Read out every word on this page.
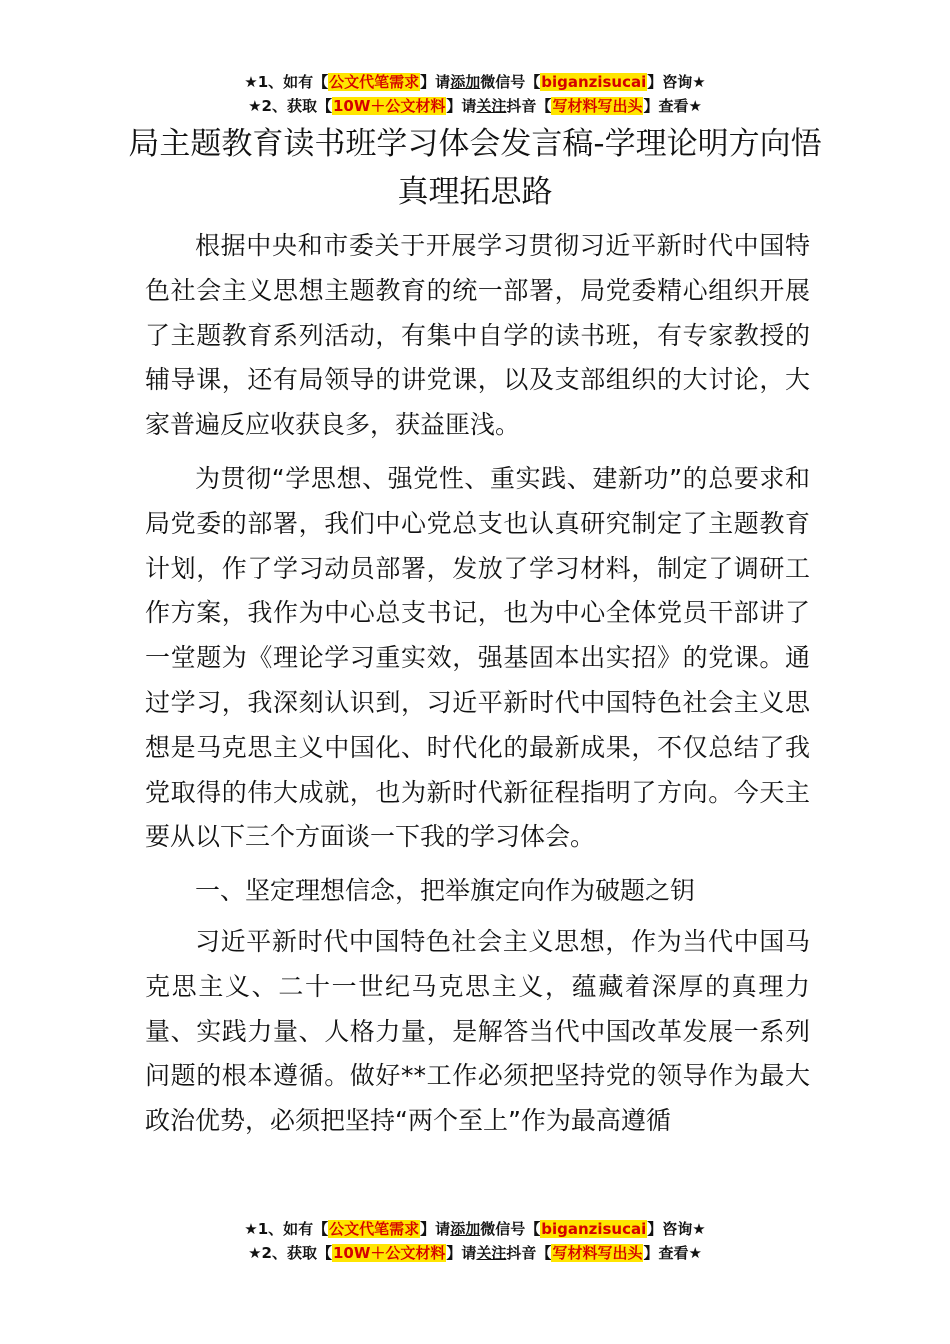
★1、如有【公文代笔需求】请添加微信号【biganzisucai】咨询★
★2、获取【10W＋公文材料】请关注抖音【写材料写出头】查看★
局主题教育读书班学习体会发言稿-学理论明方向悟真理拓思路

根据中央和市委关于开展学习贯彻习近平新时代中国特色社会主义思想主题教育的统一部署，局党委精心组织开展了主题教育系列活动，有集中自学的读书班，有专家教授的辅导课，还有局领导的讲党课，以及支部组织的大讨论，大家普遍反应收获良多，获益匪浅。

为贯彻“学思想、强党性、重实践、建新功”的总要求和局党委的部署，我们中心党总支也认真研究制定了主题教育计划，作了学习动员部署，发放了学习材料，制定了调研工作方案，我作为中心总支书记，也为中心全体党员干部讲了一堂题为《理论学习重实效，强基固本出实招》的党课。通过学习，我深刻认识到，习近平新时代中国特色社会主义思想是马克思主义中国化、时代化的最新成果，不仅总结了我党取得的伟大成就，也为新时代新征程指明了方向。今天主要从以下三个方面谈一下我的学习体会。

一、坚定理想信念，把举旗定向作为破题之钥

习近平新时代中国特色社会主义思想，作为当代中国马克思主义、二十一世纪马克思主义，蕴藏着深厚的真理力量、实践力量、人格力量，是解答当代中国改革发展一系列问题的根本遵循。做好**工作必须把坚持党的领导作为最大政治优势，必须把坚持“两个至上”作为最高遵循

★1、如有【公文代笔需求】请添加微信号【biganzisucai】咨询★
★2、获取【10W＋公文材料】请关注抖音【写材料写出头】查看★
